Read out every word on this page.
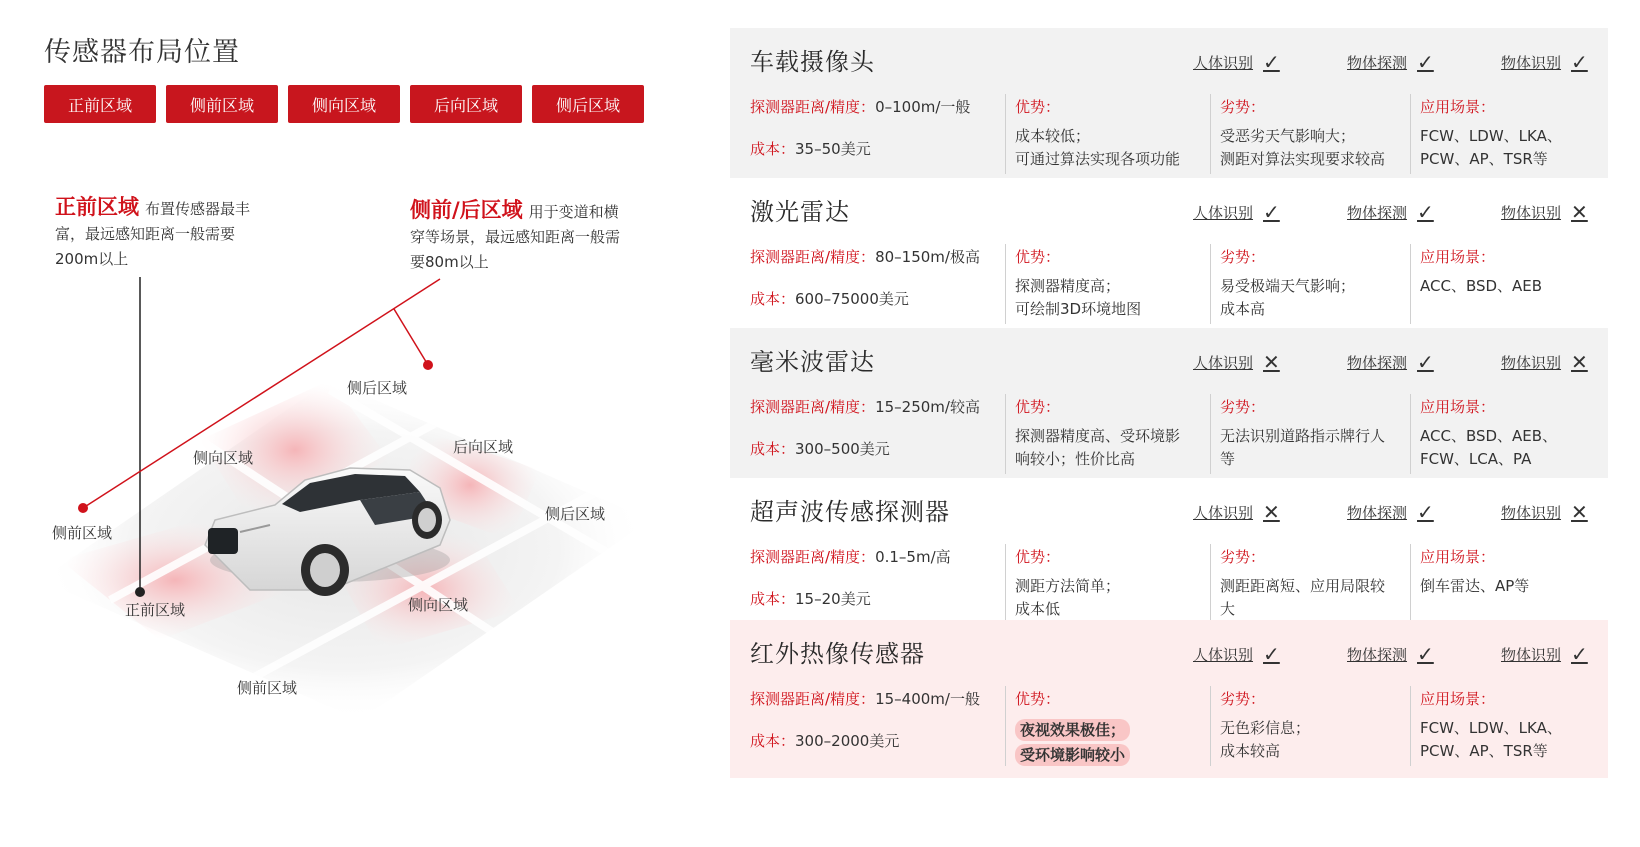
侧后区域
侧向区域
后向区域
侧后区域
侧前区域
正前区域	侧向区域
侧前区域
传感器布局位置
正前区域	侧前区域	侧向区域	后向区域	侧后区域
正前区域 布置传感器最丰富，最远感知距离一般需要200m以上
侧前/后区域 用于变道和横穿等场景，最远感知距离一般需要80m以上
车载摄像头	人体识别 ✓	物体探测 ✓	物体识别 ✓
探测器距离/精度：0–100m/一般
成本：35–50美元
优势：
成本较低；
可通过算法实现各项功能
劣势：
受恶劣天气影响大；
测距对算法实现要求较高
应用场景：
FCW、LDW、LKA、
PCW、AP、TSR等
激光雷达	人体识别 ✓	物体探测 ✓	物体识别 ✕
探测器距离/精度：80–150m/极高
成本：600–75000美元
优势：
探测器精度高；
可绘制3D环境地图
劣势：
易受极端天气影响；
成本高
应用场景：
ACC、BSD、AEB
毫米波雷达	人体识别 ✕	物体探测 ✓	物体识别 ✕
探测器距离/精度：15–250m/较高
成本：300–500美元
优势：
探测器精度高、受环境影
响较小；性价比高
劣势：
无法识别道路指示牌行人
等
应用场景：
ACC、BSD、AEB、
FCW、LCA、PA
超声波传感探测器	人体识别 ✕	物体探测 ✓	物体识别 ✕
探测器距离/精度：0.1–5m/高
成本：15–20美元
优势：
测距方法简单；
成本低
劣势：
测距距离短、应用局限较
大
应用场景：
倒车雷达、AP等
红外热像传感器	人体识别 ✓	物体探测 ✓	物体识别 ✓
探测器距离/精度：15–400m/一般
成本：300–2000美元
优势：
夜视效果极佳；
受环境影响较小
劣势：
无色彩信息；
成本较高
应用场景：
FCW、LDW、LKA、
PCW、AP、TSR等
